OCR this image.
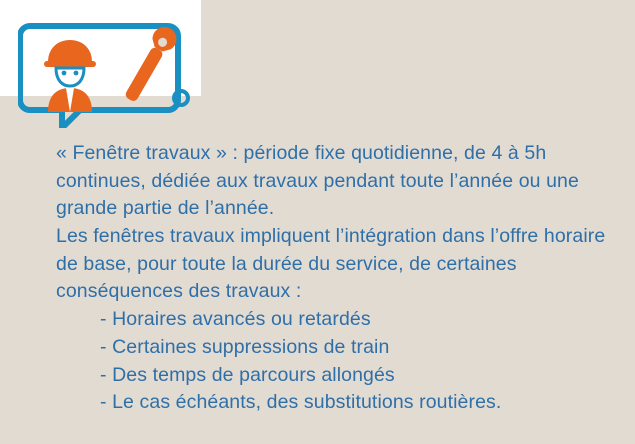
« Fenêtre travaux » : période fixe quotidienne, de 4 à 5h continues, dédiée aux travaux pendant toute l’année ou une grande partie de l’année.

Les fenêtres travaux impliquent l’intégration dans l’offre horaire de base, pour toute la durée du service, de certaines conséquences des travaux :

- Horaires avancés ou retardés
- Certaines suppressions de train
- Des temps de parcours allongés
- Le cas échéants, des substitutions routières.
